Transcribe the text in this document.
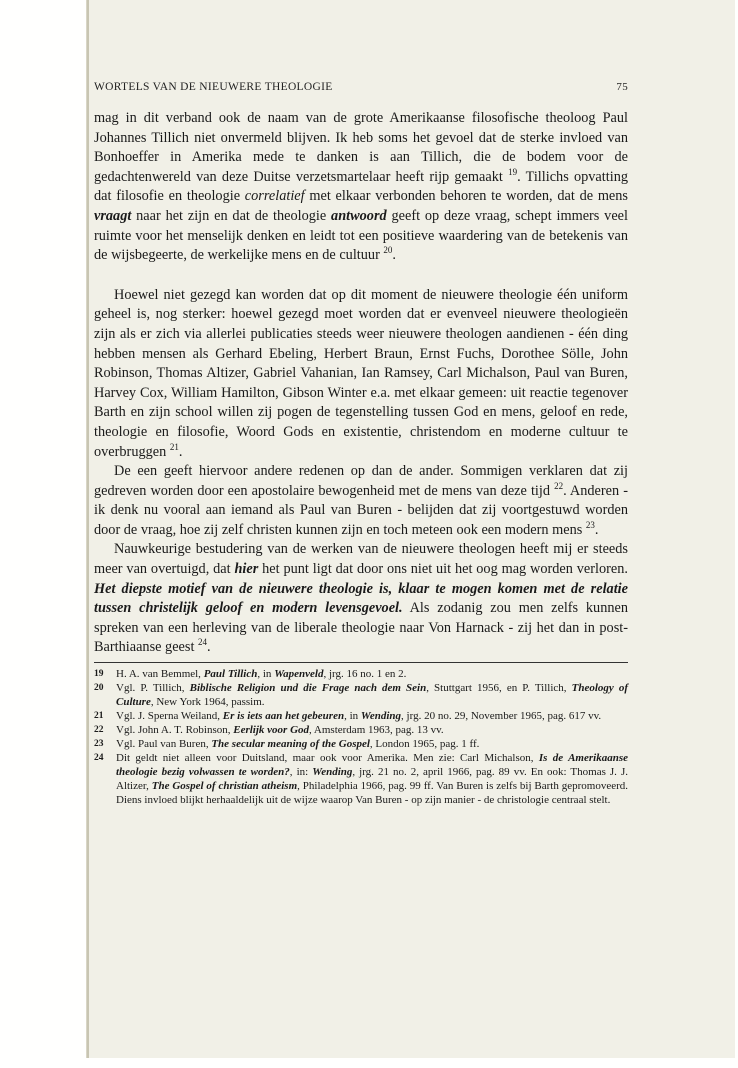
WORTELS VAN DE NIEUWERE THEOLOGIE	75

mag in dit verband ook de naam van de grote Amerikaanse filosofische theoloog Paul Johannes Tillich niet onvermeld blijven. Ik heb soms het gevoel dat de sterke invloed van Bonhoeffer in Amerika mede te danken is aan Tillich, die de bodem voor de gedachtenwereld van deze Duitse verzetsmartelaar heeft rijp gemaakt $^{19}$. Tillichs opvatting dat filosofie en theologie correlatief met elkaar verbonden behoren te worden, dat de mens vraagt naar het zijn en dat de theologie antwoord geeft op deze vraag, schept immers veel ruimte voor het menselijk denken en leidt tot een positieve waardering van de betekenis van de wijsbegeerte, de werkelijke mens en de cultuur $^{20}$.

Hoewel niet gezegd kan worden dat op dit moment de nieuwere theologie één uniform geheel is, nog sterker: hoewel gezegd moet worden dat er evenveel nieuwere theologieën zijn als er zich via allerlei publicaties steeds weer nieuwere theologen aandienen - één ding hebben mensen als Gerhard Ebeling, Herbert Braun, Ernst Fuchs, Dorothee Sölle, John Robinson, Thomas Altizer, Gabriel Vahanian, Ian Ramsey, Carl Michalson, Paul van Buren, Harvey Cox, William Hamilton, Gibson Winter e.a. met elkaar gemeen: uit reactie tegenover Barth en zijn school willen zij pogen de tegenstelling tussen God en mens, geloof en rede, theologie en filosofie, Woord Gods en existentie, christendom en moderne cultuur te overbruggen $^{21}$.

De een geeft hiervoor andere redenen op dan de ander. Sommigen verklaren dat zij gedreven worden door een apostolaire bewogenheid met de mens van deze tijd $^{22}$. Anderen - ik denk nu vooral aan iemand als Paul van Buren - belijden dat zij voortgestuwd worden door de vraag, hoe zij zelf christen kunnen zijn en toch meteen ook een modern mens $^{23}$.

Nauwkeurige bestudering van de werken van de nieuwere theologen heeft mij er steeds meer van overtuigd, dat hier het punt ligt dat door ons niet uit het oog mag worden verloren. Het diepste motief van de nieuwere theologie is, klaar te mogen komen met de relatie tussen christelijk geloof en modern levensgevoel. Als zodanig zou men zelfs kunnen spreken van een herleving van de liberale theologie naar Von Harnack - zij het dan in post-Barthiaanse geest $^{24}$.

19	H. A. van Bemmel, Paul Tillich, in Wapenveld, jrg. 16 no. 1 en 2.
20	Vgl. P. Tillich, Biblische Religion und die Frage nach dem Sein, Stuttgart 1956, en P. Tillich, Theology of Culture, New York 1964, passim.
21	Vgl. J. Sperna Weiland, Er is iets aan het gebeuren, in Wending, jrg. 20 no. 29, November 1965, pag. 617 vv.
22	Vgl. John A. T. Robinson, Eerlijk voor God, Amsterdam 1963, pag. 13 vv.
23	Vgl. Paul van Buren, The secular meaning of the Gospel, London 1965, pag. 1 ff.
24	Dit geldt niet alleen voor Duitsland, maar ook voor Amerika. Men zie: Carl Michalson, Is de Amerikaanse theologie bezig volwassen te worden?, in: Wending, jrg. 21 no. 2, april 1966, pag. 89 vv. En ook: Thomas J. J. Altizer, The Gospel of christian atheism, Philadelphia 1966, pag. 99 ff. Van Buren is zelfs bij Barth gepromoveerd. Diens invloed blijkt herhaaldelijk uit de wijze waarop Van Buren - op zijn manier - de christologie centraal stelt.
